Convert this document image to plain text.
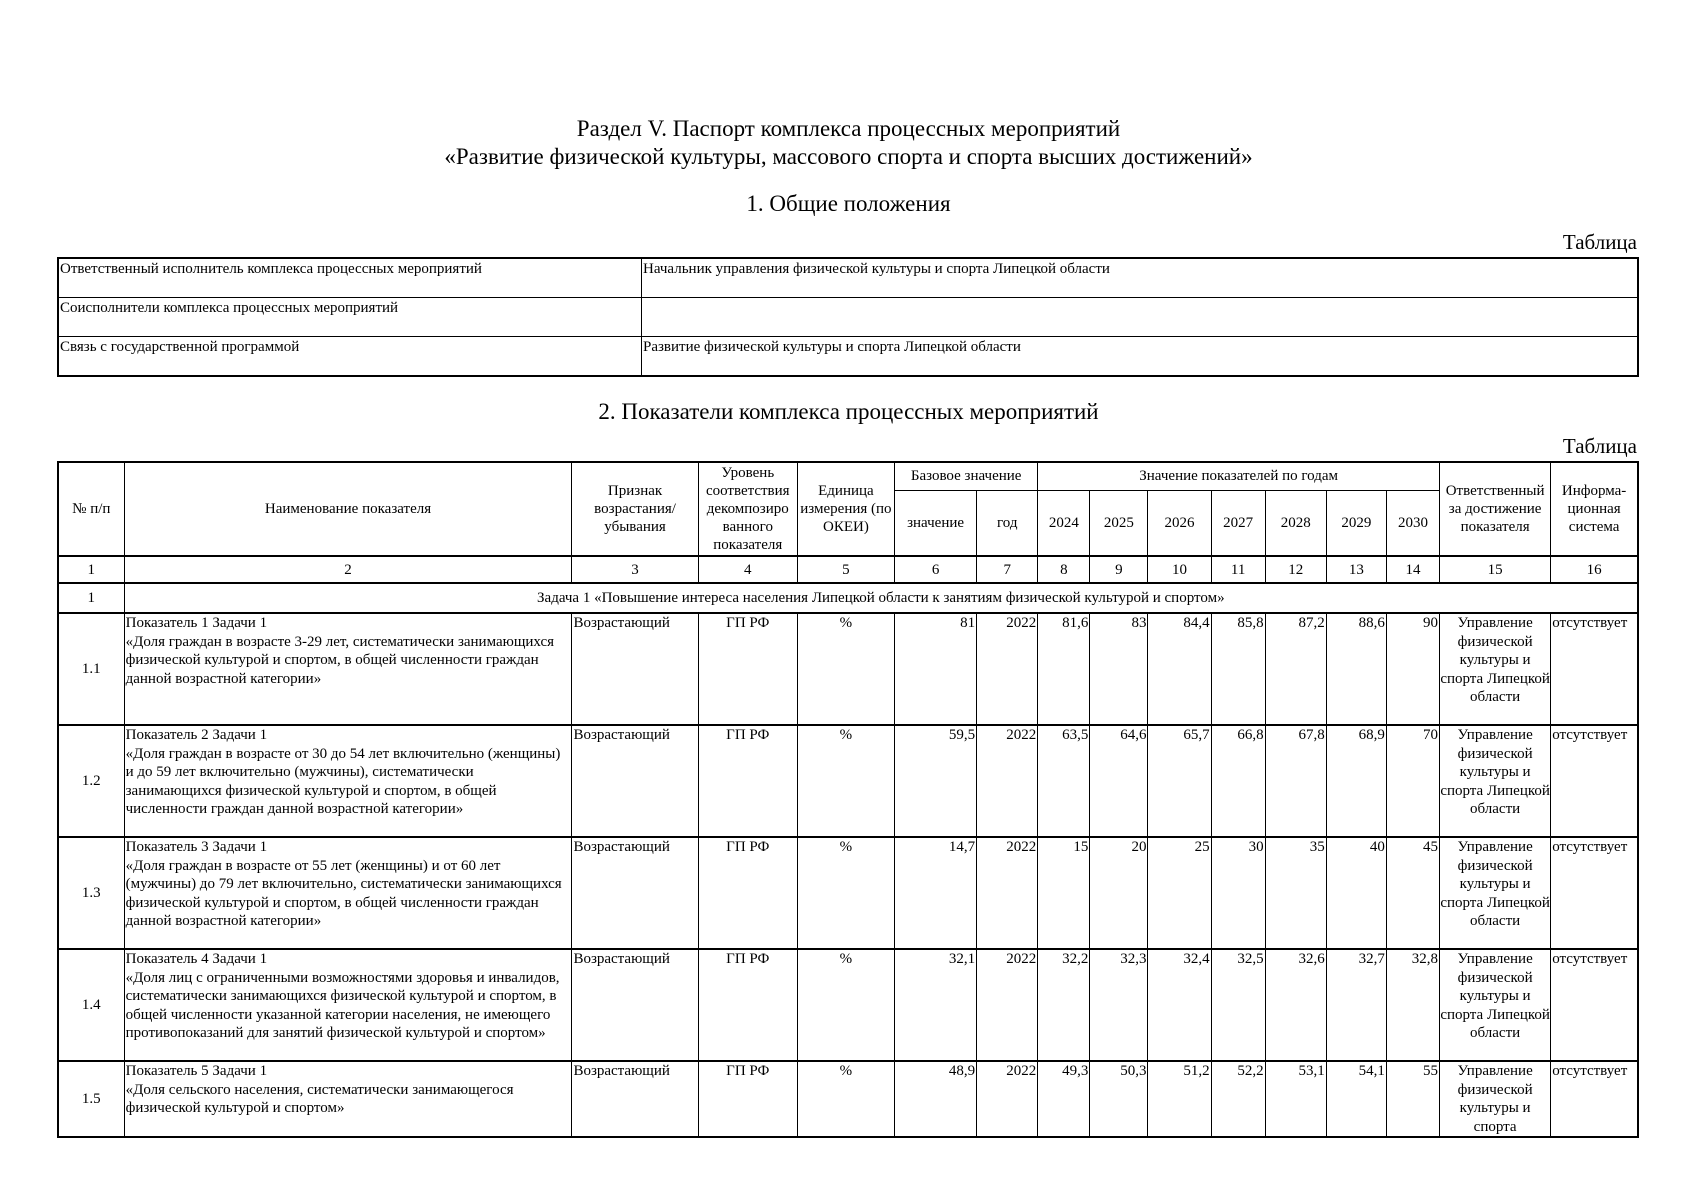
Раздел V. Паспорт комплекса процессных мероприятий
«Развитие физической культуры, массового спорта и спорта высших достижений»
1. Общие положения
Таблица
Ответственный исполнитель комплекса процессных мероприятий	Начальник управления физической культуры и спорта Липецкой области
Соисполнители комплекса процессных мероприятий	
Связь с государственной программой	Развитие физической культуры и спорта Липецкой области
2. Показатели комплекса процессных мероприятий
Таблица
№ п/п	Наименование показателя	Признак возрастания/ убывания	Уровень соответствия декомпозиро ванного показателя	Единица измерения (по ОКЕИ)	Базовое значение		Значение показателей по годам							Ответственный за достижение показателя	Информа- ционная система
					значение	год	2024	2025	2026	2027	2028	2029	2030		
1	2	3	4	5	6	7	8	9	10	11	12	13	14	15	16
1	Задача 1 «Повышение интереса населения Липецкой области к занятиям физической культурой и спортом»														
1.1	Показатель 1 Задачи 1
«Доля граждан в возрасте 3-29 лет, систематически занимающихся физической культурой и спортом, в общей численности граждан данной возрастной категории»	Возрастающий	ГП РФ	%	81	2022	81,6	83	84,4	85,8	87,2	88,6	90	Управление физической культуры и спорта Липецкой области	отсутствует
1.2	Показатель 2 Задачи 1
«Доля граждан в возрасте от 30 до 54 лет включительно (женщины) и до 59 лет включительно (мужчины), систематически занимающихся физической культурой и спортом, в общей численности граждан данной возрастной категории»	Возрастающий	ГП РФ	%	59,5	2022	63,5	64,6	65,7	66,8	67,8	68,9	70	Управление физической культуры и спорта Липецкой области	отсутствует
1.3	Показатель 3 Задачи 1
«Доля граждан в возрасте от 55 лет (женщины) и от 60 лет (мужчины) до 79 лет включительно, систематически занимающихся физической культурой и спортом, в общей численности граждан данной возрастной категории»	Возрастающий	ГП РФ	%	14,7	2022	15	20	25	30	35	40	45	Управление физической культуры и спорта Липецкой области	отсутствует
1.4	Показатель 4 Задачи 1
«Доля лиц с ограниченными возможностями здоровья и инвалидов, систематически занимающихся физической культурой и спортом, в общей численности указанной категории населения, не имеющего противопоказаний для занятий физической культурой и спортом»	Возрастающий	ГП РФ	%	32,1	2022	32,2	32,3	32,4	32,5	32,6	32,7	32,8	Управление физической культуры и спорта Липецкой области	отсутствует
1.5	Показатель 5 Задачи 1
«Доля сельского населения, систематически занимающегося физической культурой и спортом»	Возрастающий	ГП РФ	%	48,9	2022	49,3	50,3	51,2	52,2	53,1	54,1	55	Управление физической культуры и спорта	отсутствует
